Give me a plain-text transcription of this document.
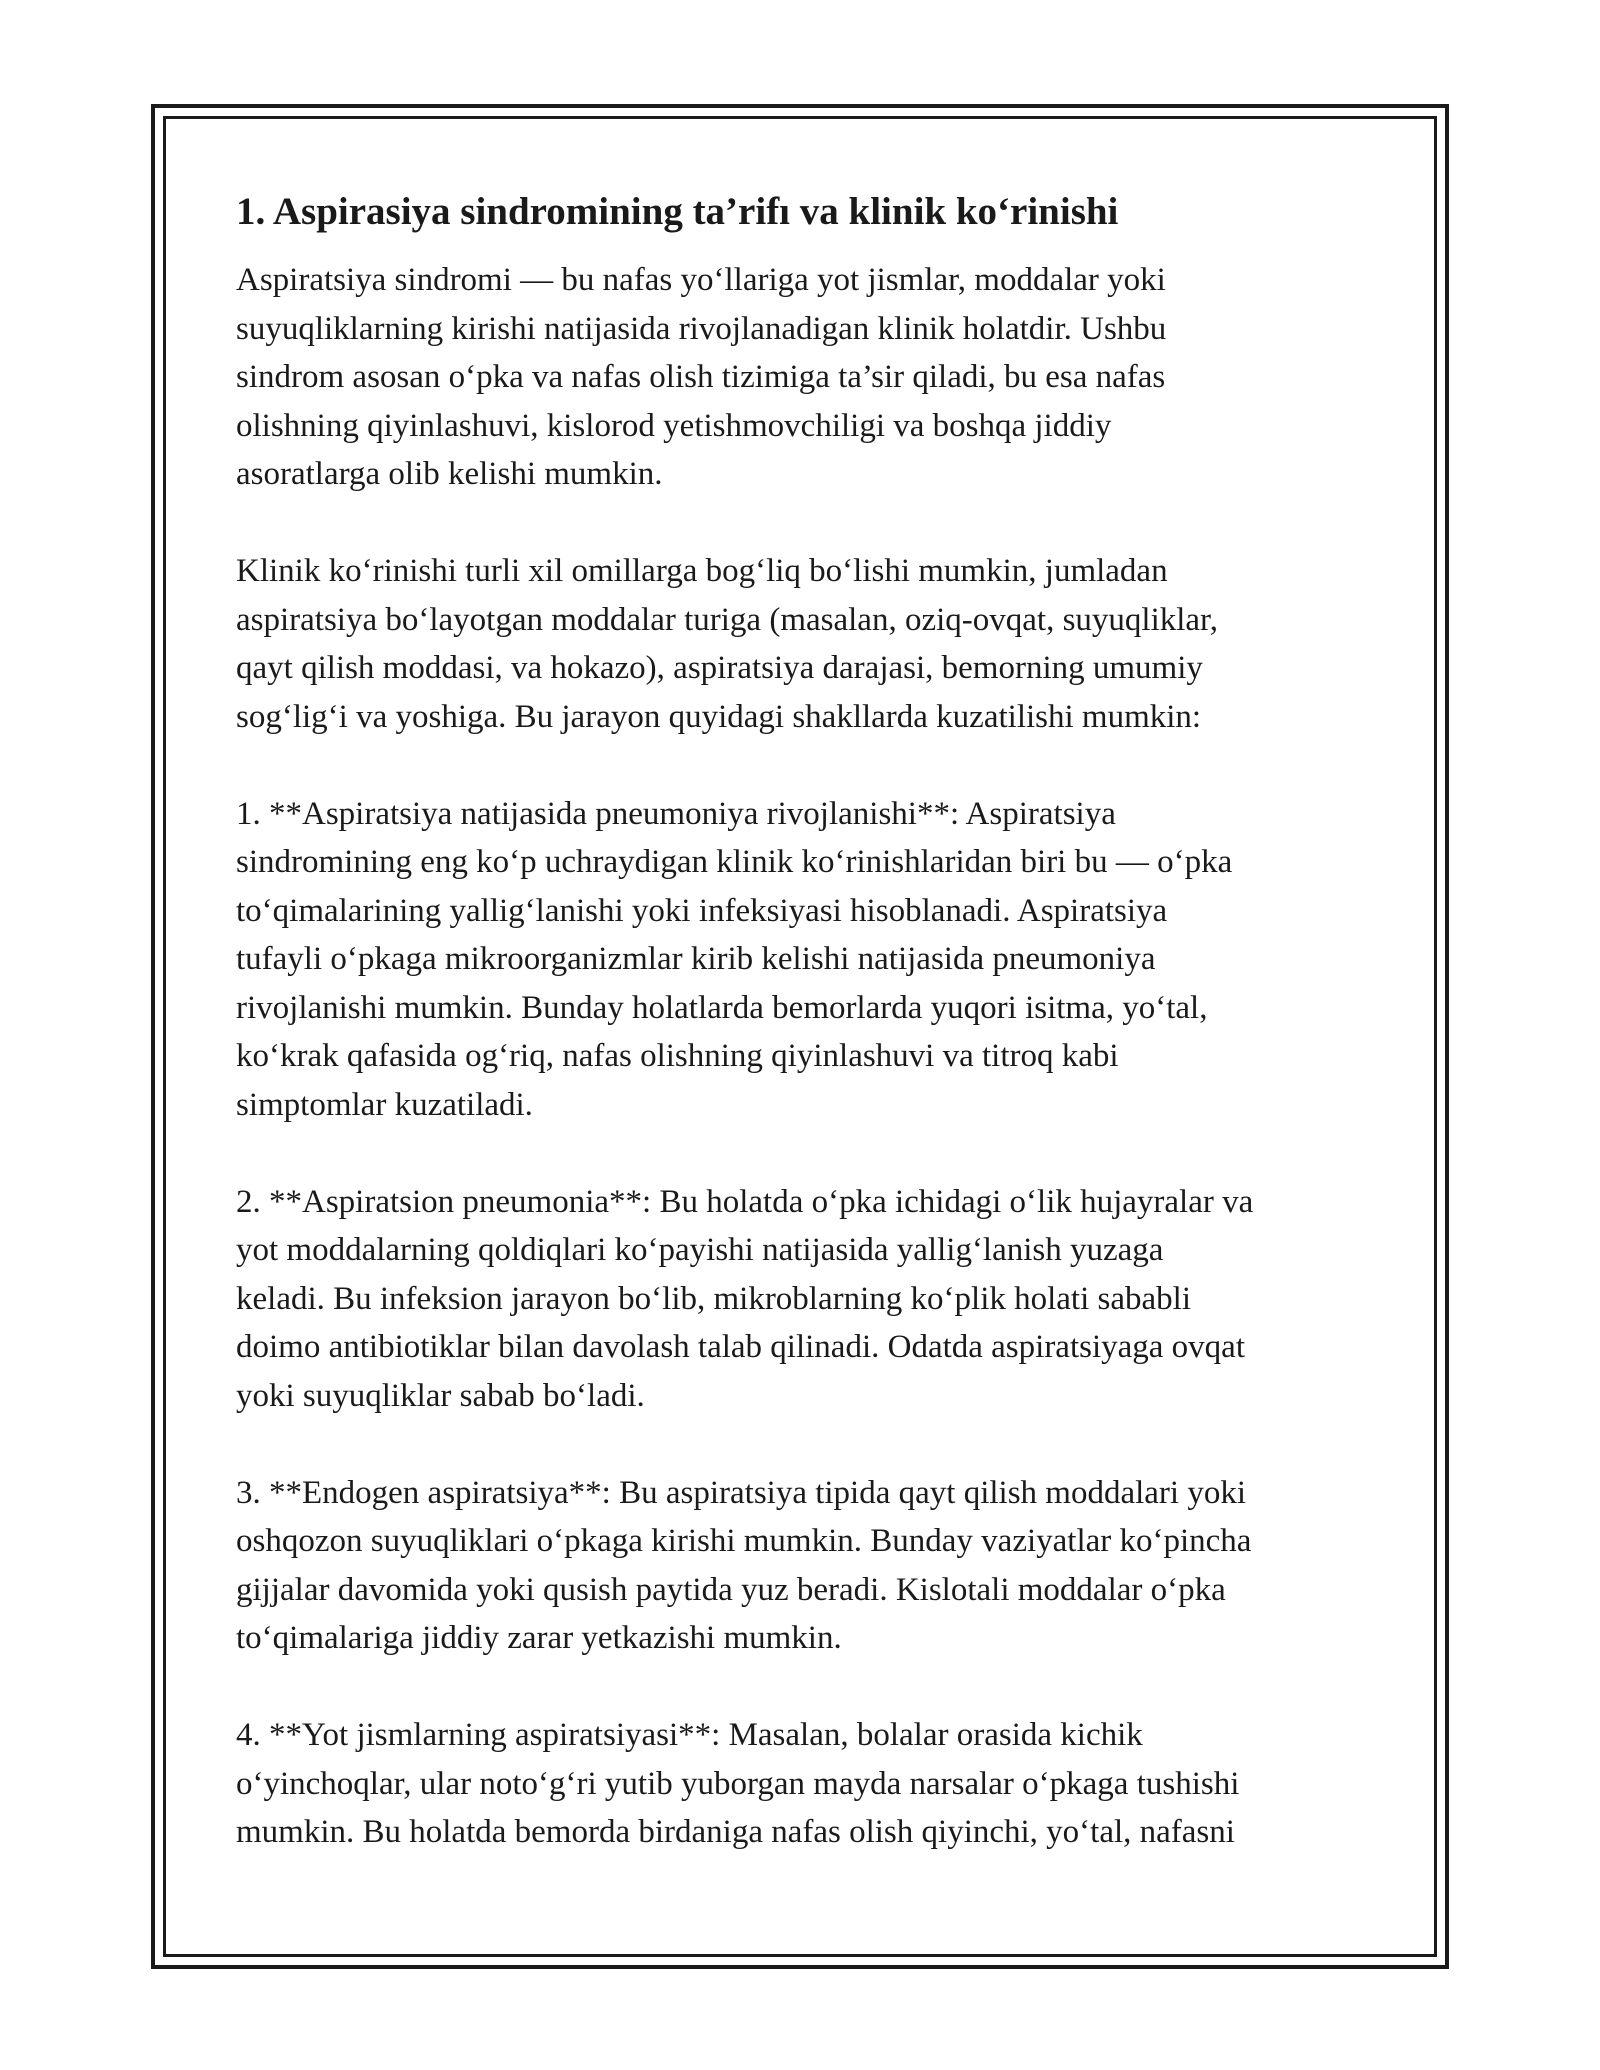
1. Aspirasiya sindromining ta’rifı va klinik ko‘rinishi
Aspiratsiya sindromi — bu nafas yo‘llariga yot jismlar, moddalar yoki
suyuqliklarning kirishi natijasida rivojlanadigan klinik holatdir. Ushbu
sindrom asosan o‘pka va nafas olish tizimiga ta’sir qiladi, bu esa nafas
olishning qiyinlashuvi, kislorod yetishmovchiligi va boshqa jiddiy
asoratlarga olib kelishi mumkin.
Klinik ko‘rinishi turli xil omillarga bog‘liq bo‘lishi mumkin, jumladan
aspiratsiya bo‘layotgan moddalar turiga (masalan, oziq-ovqat, suyuqliklar,
qayt qilish moddasi, va hokazo), aspiratsiya darajasi, bemorning umumiy
sog‘lig‘i va yoshiga. Bu jarayon quyidagi shakllarda kuzatilishi mumkin:
1. **Aspiratsiya natijasida pneumoniya rivojlanishi**: Aspiratsiya
sindromining eng ko‘p uchraydigan klinik ko‘rinishlaridan biri bu — o‘pka
to‘qimalarining yallig‘lanishi yoki infeksiyasi hisoblanadi. Aspiratsiya
tufayli o‘pkaga mikroorganizmlar kirib kelishi natijasida pneumoniya
rivojlanishi mumkin. Bunday holatlarda bemorlarda yuqori isitma, yo‘tal,
ko‘krak qafasida og‘riq, nafas olishning qiyinlashuvi va titroq kabi
simptomlar kuzatiladi.
2. **Aspiratsion pneumonia**: Bu holatda o‘pka ichidagi o‘lik hujayralar va
yot moddalarning qoldiqlari ko‘payishi natijasida yallig‘lanish yuzaga
keladi. Bu infeksion jarayon bo‘lib, mikroblarning ko‘plik holati sababli
doimo antibiotiklar bilan davolash talab qilinadi. Odatda aspiratsiyaga ovqat
yoki suyuqliklar sabab bo‘ladi.
3. **Endogen aspiratsiya**: Bu aspiratsiya tipida qayt qilish moddalari yoki
oshqozon suyuqliklari o‘pkaga kirishi mumkin. Bunday vaziyatlar ko‘pincha
gijjalar davomida yoki qusish paytida yuz beradi. Kislotali moddalar o‘pka
to‘qimalariga jiddiy zarar yetkazishi mumkin.
4. **Yot jismlarning aspiratsiyasi**: Masalan, bolalar orasida kichik
o‘yinchoqlar, ular noto‘g‘ri yutib yuborgan mayda narsalar o‘pkaga tushishi
mumkin. Bu holatda bemorda birdaniga nafas olish qiyinchi, yo‘tal, nafasni
